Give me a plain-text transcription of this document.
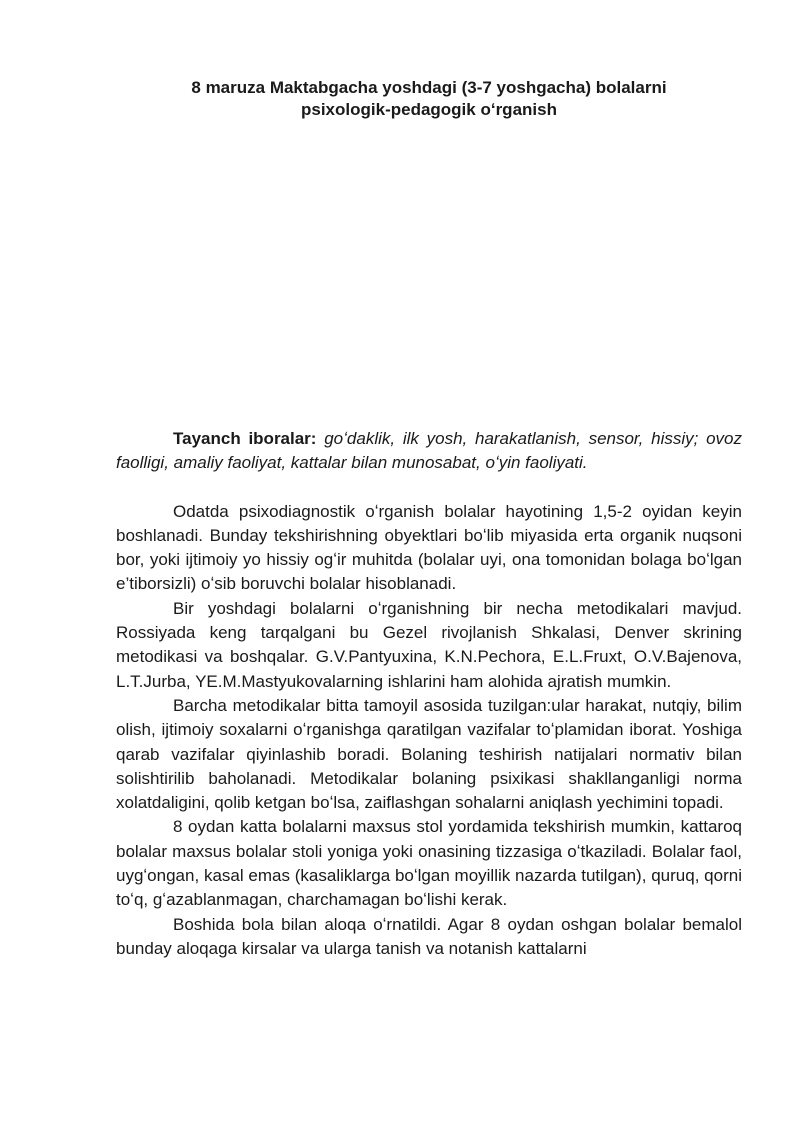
8 maruza Maktabgacha yoshdagi (3-7 yoshgacha) bolalarni
psixologik-pedagogik oʻrganish

Tayanch iboralar: goʻdaklik, ilk yosh, harakatlanish, sensor, hissiy; ovoz faolligi, amaliy faoliyat, kattalar bilan munosabat, oʻyin faoliyati.

Odatda psixodiagnostik oʻrganish bolalar hayotining 1,5-2 oyidan keyin boshlanadi. Bunday tekshirishning obyektlari boʻlib miyasida erta organik nuqsoni bor, yoki ijtimoiy yo hissiy ogʻir muhitda (bolalar uyi, ona tomonidan bolaga boʻlgan e’tiborsizli) oʻsib boruvchi bolalar hisoblanadi.

Bir yoshdagi bolalarni oʻrganishning bir necha metodikalari mavjud. Rossiyada keng tarqalgani bu Gezel rivojlanish Shkalasi, Denver skrining metodikasi va boshqalar. G.V.Pantyuxina, K.N.Pechora, E.L.Fruxt, O.V.Bajenova, L.T.Jurba, YE.M.Mastyukovalarning ishlarini ham alohida ajratish mumkin.

Barcha metodikalar bitta tamoyil asosida tuzilgan:ular harakat, nutqiy, bilim olish, ijtimoiy soxalarni oʻrganishga qaratilgan vazifalar toʻplamidan iborat. Yoshiga qarab vazifalar qiyinlashib boradi. Bolaning teshirish natijalari normativ bilan solishtirilib baholanadi. Metodikalar bolaning psixikasi shakllanganligi norma xolatdaligini, qolib ketgan boʻlsa, zaiflashgan sohalarni aniqlash yechimini topadi.

8 oydan katta bolalarni maxsus stol yordamida tekshirish mumkin, kattaroq bolalar maxsus bolalar stoli yoniga yoki onasining tizzasiga oʻtkaziladi. Bolalar faol, uygʻongan, kasal emas (kasaliklarga boʻlgan moyillik nazarda tutilgan), quruq, qorni toʻq, gʻazablanmagan, charchamagan boʻlishi kerak.

Boshida bola bilan aloqa oʻrnatildi. Agar 8 oydan oshgan bolalar bemalol bunday aloqaga kirsalar va ularga tanish va notanish kattalarni
